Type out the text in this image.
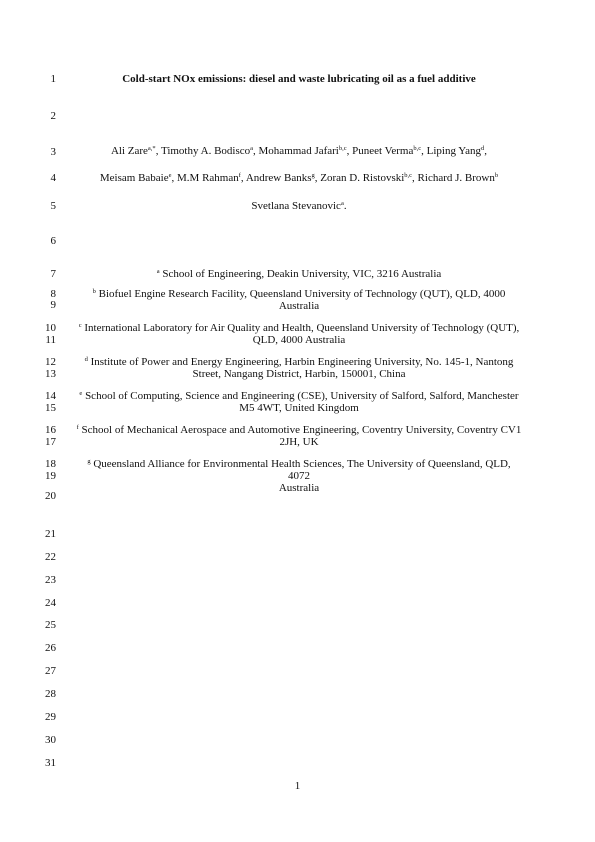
1
2
3
4
5
6
7
8
9
10
11
12
13
14
15
16
17
18
19
20
21
22
23
24
25
26
27
28
29
30
31
Cold-start NOx emissions: diesel and waste lubricating oil as a fuel additive
Ali Zare$^{a,*}$, Timothy A. Bodisco$^a$, Mohammad Jafari$^{b,c}$, Puneet Verma$^{b,c}$, Liping Yang$^d$,
Meisam Babaie$^e$, M.M Rahman$^f$, Andrew Banks$^g$, Zoran D. Ristovski$^{b,c}$, Richard J. Brown$^b$
Svetlana Stevanovic$^a$.
$^a$ School of Engineering, Deakin University, VIC, 3216 Australia
$^b$ Biofuel Engine Research Facility, Queensland University of Technology (QUT), QLD, 4000
Australia
$^c$ International Laboratory for Air Quality and Health, Queensland University of Technology (QUT),
QLD, 4000 Australia
$^d$ Institute of Power and Energy Engineering, Harbin Engineering University, No. 145-1, Nantong
Street, Nangang District, Harbin, 150001, China
$^e$ School of Computing, Science and Engineering (CSE), University of Salford, Salford, Manchester
M5 4WT, United Kingdom
$^f$ School of Mechanical Aerospace and Automotive Engineering, Coventry University, Coventry CV1
2JH, UK
$^g$ Queensland Alliance for Environmental Health Sciences, The University of Queensland, QLD, 4072
Australia
1
